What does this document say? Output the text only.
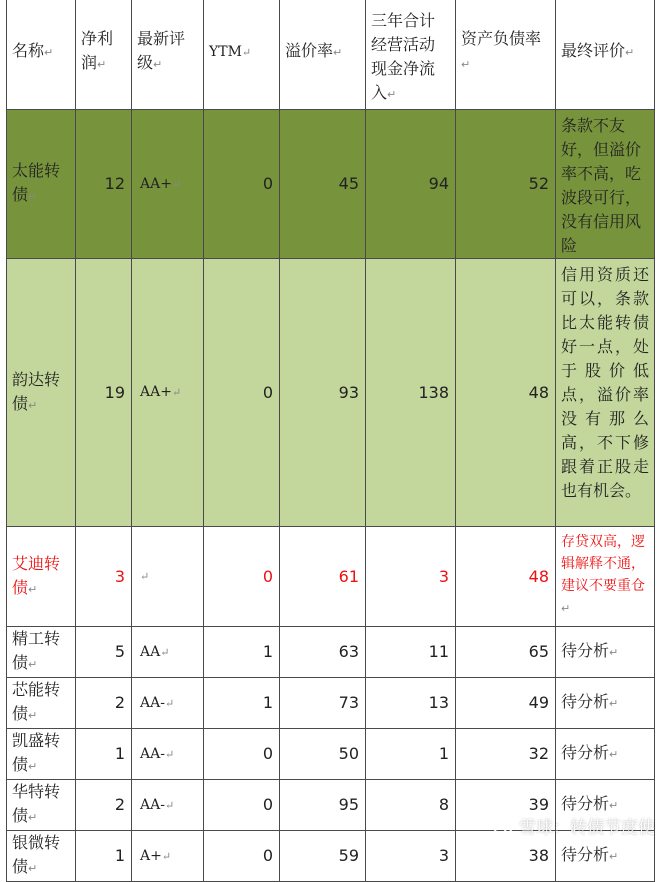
名称↵	净利润↵	最新评级↵	YTM↵	溢价率↵	三年合计经营活动现金净流入↵	资产负债率↵	最终评价↵
太能转债↵	12	AA+↵	0	45	94	52	条款不友好，但溢价率不高，吃波段可行，没有信用风险
韵达转债↵	19	AA+↵	0	93	138	48	信用资质还可以，条款比太能转债好一点，处于股价低点，溢价率没有那么高，不下修跟着正股走也有机会。
艾迪转债↵	3	↵	0	61	3	48	存贷双高，逻辑解释不通，建议不要重仓↵
精工转债↵	5	AA↵	1	63	11	65	待分析↵
芯能转债↵	2	AA-↵	1	73	13	49	待分析↵
凯盛转债↵	1	AA-↵	0	50	1	32	待分析↵
华特转债↵	2	AA-↵	0	95	8	39	待分析↵
银微转债↵	1	A+↵	0	59	3	38	待分析↵
雪球：转债节度使
